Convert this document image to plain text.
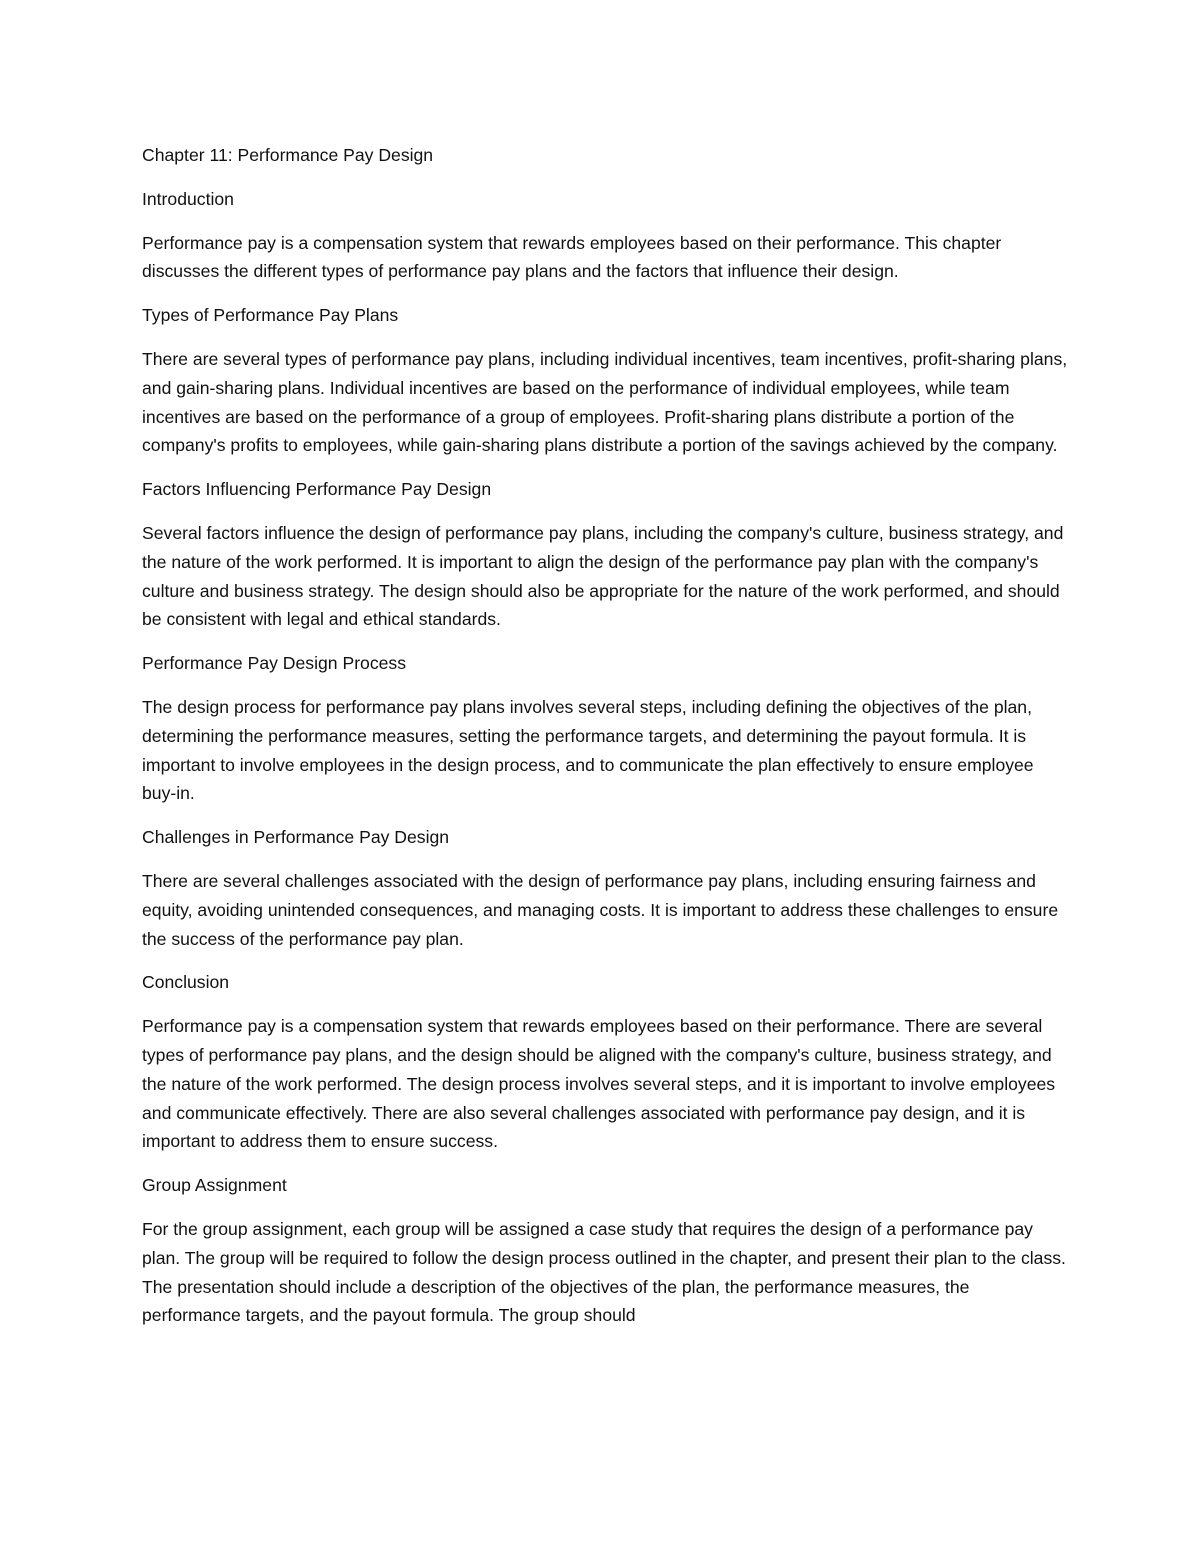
Chapter 11: Performance Pay Design

Introduction

Performance pay is a compensation system that rewards employees based on their performance. This chapter discusses the different types of performance pay plans and the factors that influence their design.

Types of Performance Pay Plans

There are several types of performance pay plans, including individual incentives, team incentives, profit-sharing plans, and gain-sharing plans. Individual incentives are based on the performance of individual employees, while team incentives are based on the performance of a group of employees. Profit-sharing plans distribute a portion of the company's profits to employees, while gain-sharing plans distribute a portion of the savings achieved by the company.

Factors Influencing Performance Pay Design

Several factors influence the design of performance pay plans, including the company's culture, business strategy, and the nature of the work performed. It is important to align the design of the performance pay plan with the company's culture and business strategy. The design should also be appropriate for the nature of the work performed, and should be consistent with legal and ethical standards.

Performance Pay Design Process

The design process for performance pay plans involves several steps, including defining the objectives of the plan, determining the performance measures, setting the performance targets, and determining the payout formula. It is important to involve employees in the design process, and to communicate the plan effectively to ensure employee buy-in.

Challenges in Performance Pay Design

There are several challenges associated with the design of performance pay plans, including ensuring fairness and equity, avoiding unintended consequences, and managing costs. It is important to address these challenges to ensure the success of the performance pay plan.

Conclusion

Performance pay is a compensation system that rewards employees based on their performance. There are several types of performance pay plans, and the design should be aligned with the company's culture, business strategy, and the nature of the work performed. The design process involves several steps, and it is important to involve employees and communicate effectively. There are also several challenges associated with performance pay design, and it is important to address them to ensure success.

Group Assignment

For the group assignment, each group will be assigned a case study that requires the design of a performance pay plan. The group will be required to follow the design process outlined in the chapter, and present their plan to the class. The presentation should include a description of the objectives of the plan, the performance measures, the performance targets, and the payout formula. The group should
